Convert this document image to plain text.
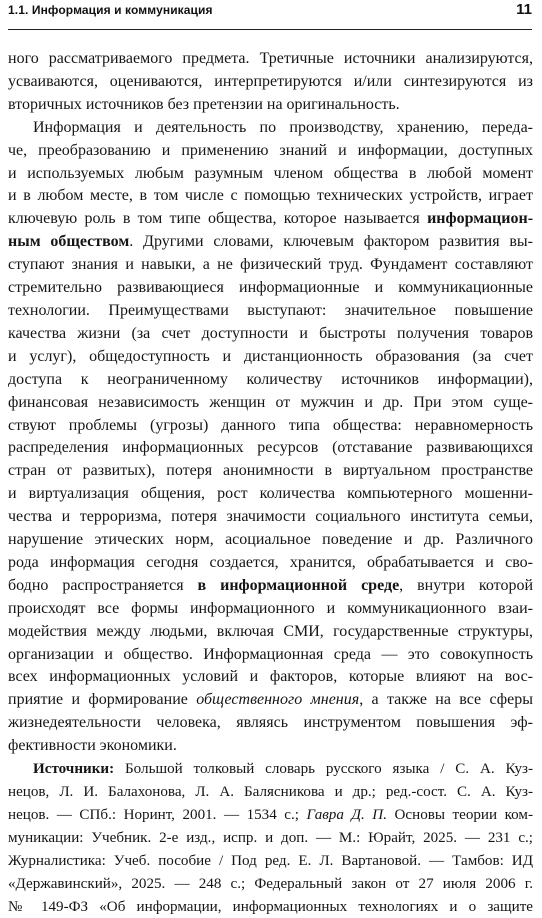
1.1. Информация и коммуникация	11

ного рассматриваемого предмета. Третичные источники анализируются,
усваиваются, оцениваются, интерпретируются и/или синтезируются из
вторичных источников без претензии на оригинальность.

Информация и деятельность по производству, хранению, переда-
че, преобразованию и применению знаний и информации, доступных
и используемых любым разумным членом общества в любой момент
и в любом месте, в том числе с помощью технических устройств, играет
ключевую роль в том типе общества, которое называется информацион-
ным обществом. Другими словами, ключевым фактором развития вы-
ступают знания и навыки, а не физический труд. Фундамент составляют
стремительно развивающиеся информационные и коммуникационные
технологии. Преимуществами выступают: значительное повышение
качества жизни (за счет доступности и быстроты получения товаров
и услуг), общедоступность и дистанционность образования (за счет
доступа к неограниченному количеству источников информации),
финансовая независимость женщин от мужчин и др. При этом суще-
ствуют проблемы (угрозы) данного типа общества: неравномерность
распределения информационных ресурсов (отставание развивающихся
стран от развитых), потеря анонимности в виртуальном пространстве
и виртуализация общения, рост количества компьютерного мошенни-
чества и терроризма, потеря значимости социального института семьи,
нарушение этических норм, асоциальное поведение и др. Различного
рода информация сегодня создается, хранится, обрабатывается и сво-
бодно распространяется в информационной среде, внутри которой
происходят все формы информационного и коммуникационного взаи-
модействия между людьми, включая СМИ, государственные структуры,
организации и общество. Информационная среда — это совокупность
всех информационных условий и факторов, которые влияют на вос-
приятие и формирование общественного мнения, а также на все сферы
жизнедеятельности человека, являясь инструментом повышения эф-
фективности экономики.

Источники: Большой толковый словарь русского языка / С. А. Куз-
нецов, Л. И. Балахонова, Л. А. Балясникова и др.; ред.-сост. С. А. Куз-
нецов. — СПб.: Норинт, 2001. — 1534 с.; Гавра Д. П. Основы теории ком-
муникации: Учебник. 2-е изд., испр. и доп. — М.: Юрайт, 2025. — 231 с.;
Журналистика: Учеб. пособие / Под ред. Е. Л. Вартановой. — Тамбов: ИД
«Державинский», 2025. — 248 с.; Федеральный закон от 27 июля 2006 г.
№ 149-ФЗ «Об информации, информационных технологиях и о защите
